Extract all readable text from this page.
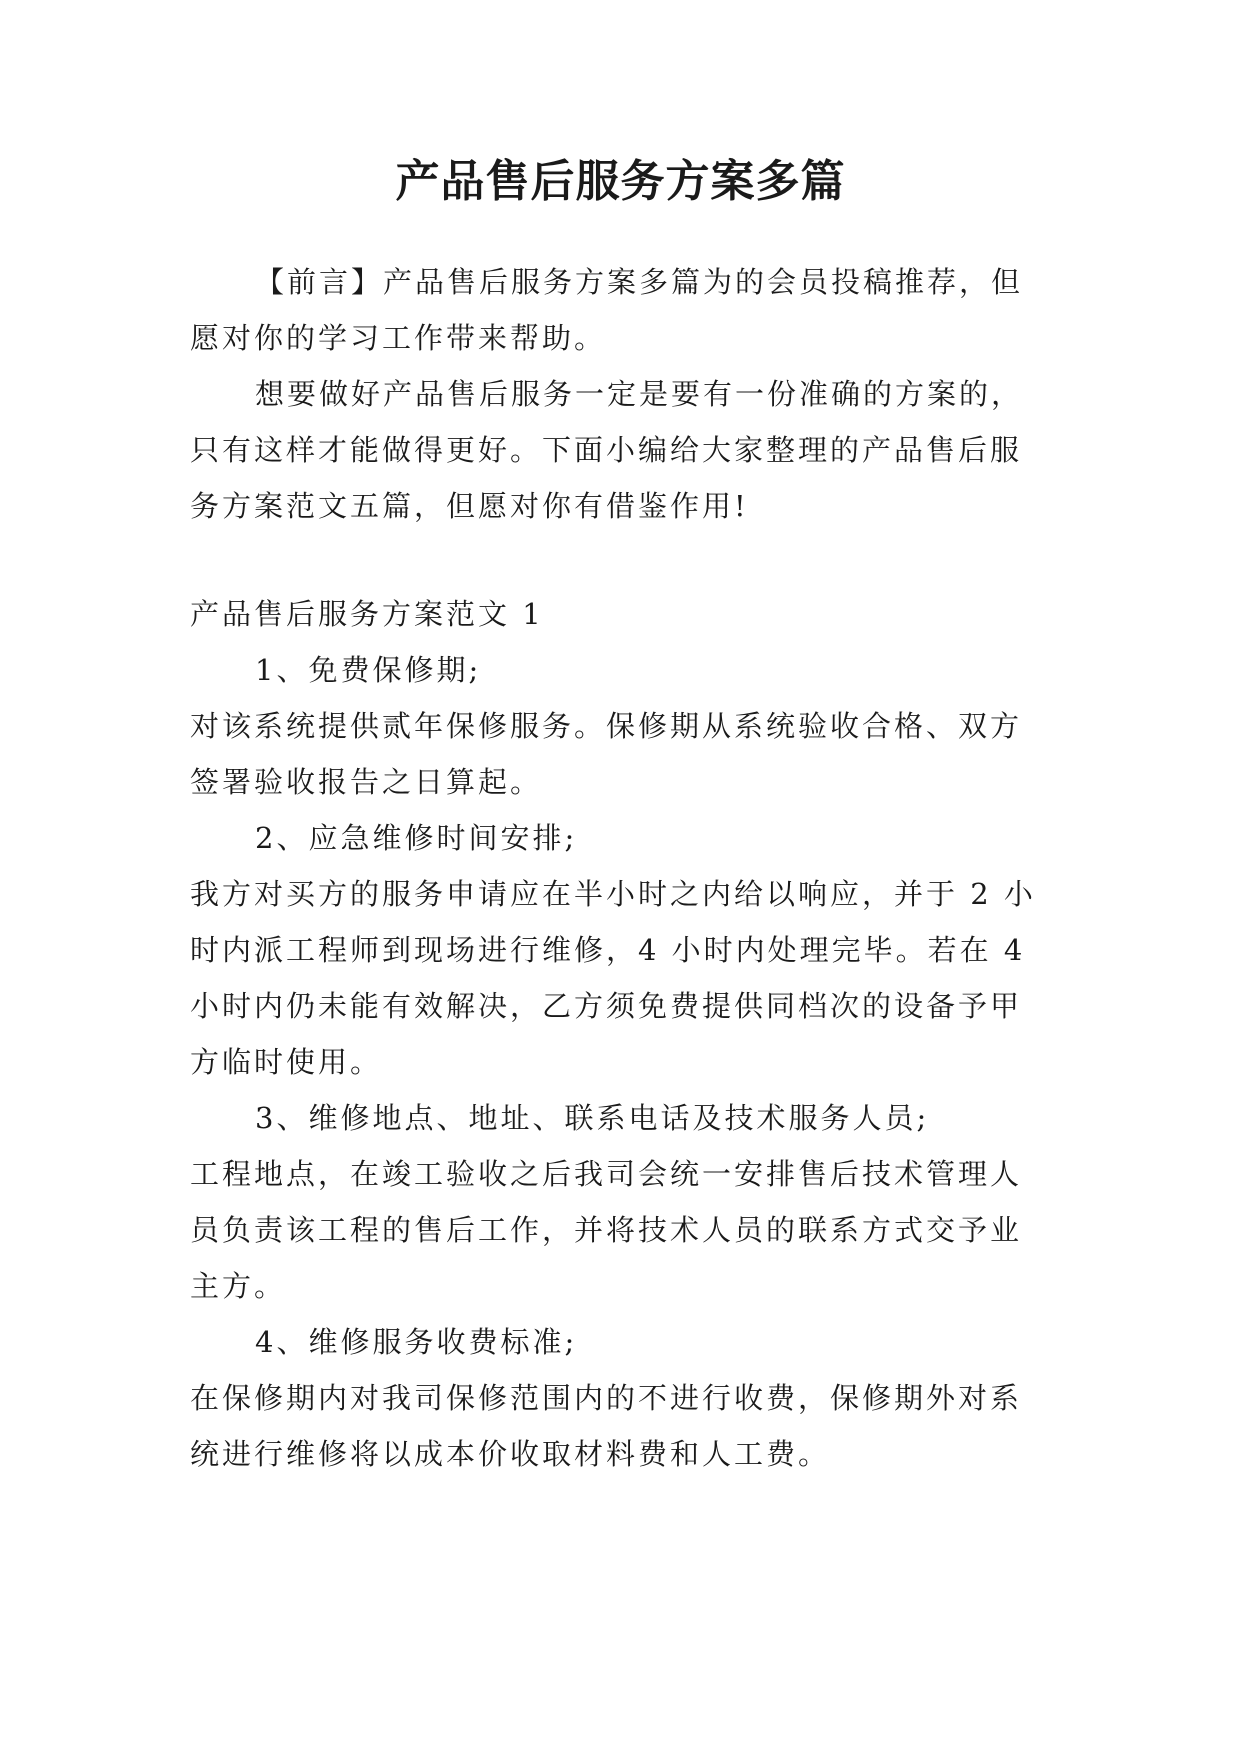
产品售后服务方案多篇
【前言】产品售后服务方案多篇为的会员投稿推荐，但
愿对你的学习工作带来帮助。
想要做好产品售后服务一定是要有一份准确的方案的，
只有这样才能做得更好。下面小编给大家整理的产品售后服
务方案范文五篇，但愿对你有借鉴作用!
产品售后服务方案范文 1
1、免费保修期;
对该系统提供贰年保修服务。保修期从系统验收合格、双方
签署验收报告之日算起。
2、应急维修时间安排;
我方对买方的服务申请应在半小时之内给以响应，并于 2 小
时内派工程师到现场进行维修，4 小时内处理完毕。若在 4
小时内仍未能有效解决，乙方须免费提供同档次的设备予甲
方临时使用。
3、维修地点、地址、联系电话及技术服务人员;
工程地点，在竣工验收之后我司会统一安排售后技术管理人
员负责该工程的售后工作，并将技术人员的联系方式交予业
主方。
4、维修服务收费标准;
在保修期内对我司保修范围内的不进行收费，保修期外对系
统进行维修将以成本价收取材料费和人工费。
